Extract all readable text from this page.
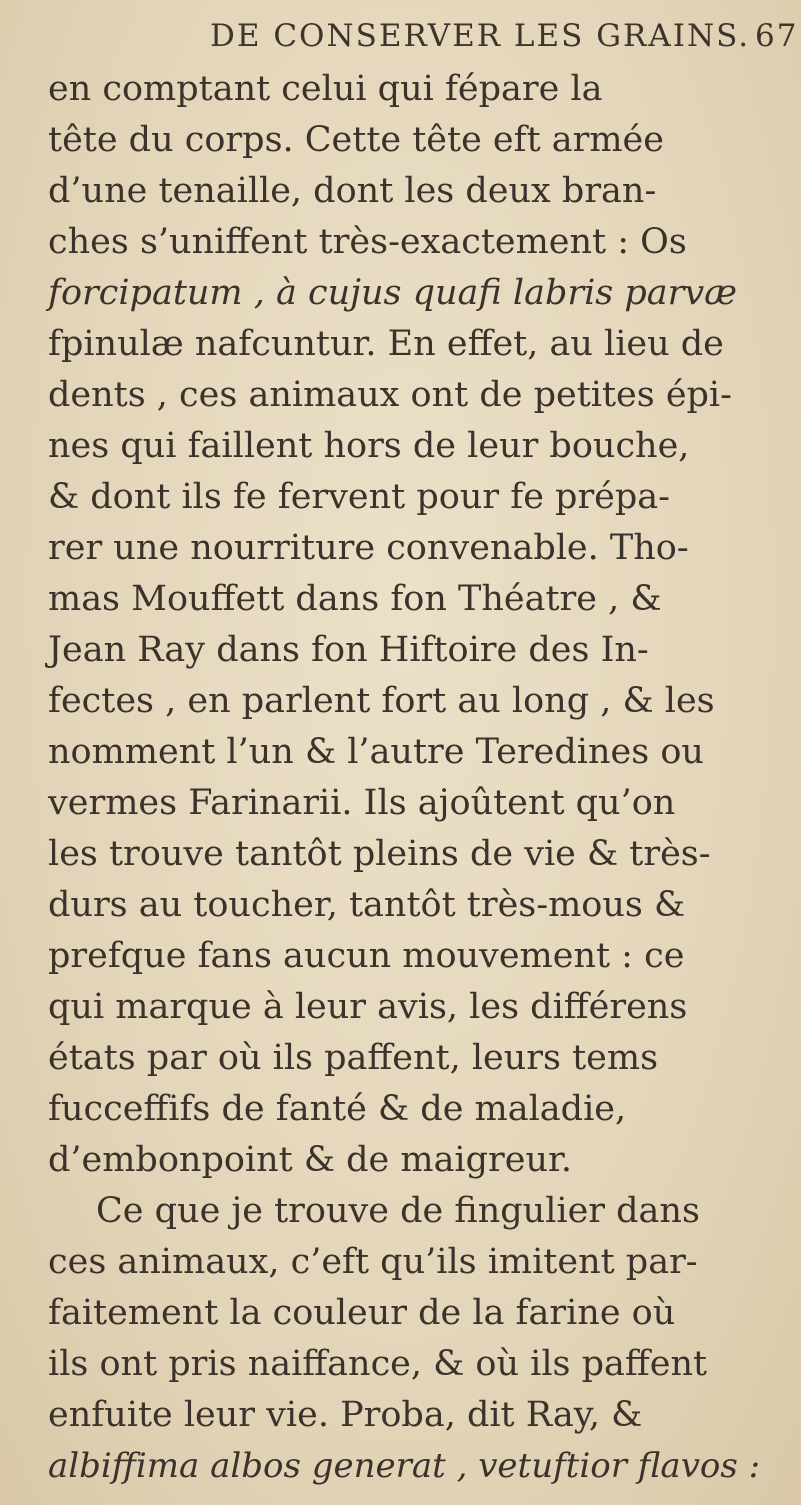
DE CONSERVER LES GRAINS. 67
en comptant celui qui fépare la
tête du corps. Cette tête eft armée
d’une tenaille, dont les deux bran-
ches s’uniffent très-exactement : Os
forcipatum , à cujus quafi labris parvæ
fpinulæ nafcuntur. En effet, au lieu de
dents , ces animaux ont de petites épi-
nes qui faillent hors de leur bouche,
& dont ils fe fervent pour fe prépa-
rer une nourriture convenable. Tho-
mas Mouffett dans fon Théatre , &
Jean Ray dans fon Hiftoire des In-
fectes , en parlent fort au long , & les
nomment l’un & l’autre Teredines ou
vermes Farinarii. Ils ajoûtent qu’on
les trouve tantôt pleins de vie & très-
durs au toucher, tantôt très-mous &
prefque fans aucun mouvement : ce
qui marque à leur avis, les différens
états par où ils paffent, leurs tems
fucceffifs de fanté & de maladie,
d’embonpoint & de maigreur.
Ce que je trouve de fingulier dans
ces animaux, c’eft qu’ils imitent par-
faitement la couleur de la farine où
ils ont pris naiffance, & où ils paffent
enfuite leur vie. Proba, dit Ray, &
albiffima albos generat , vetuftior flavos :
